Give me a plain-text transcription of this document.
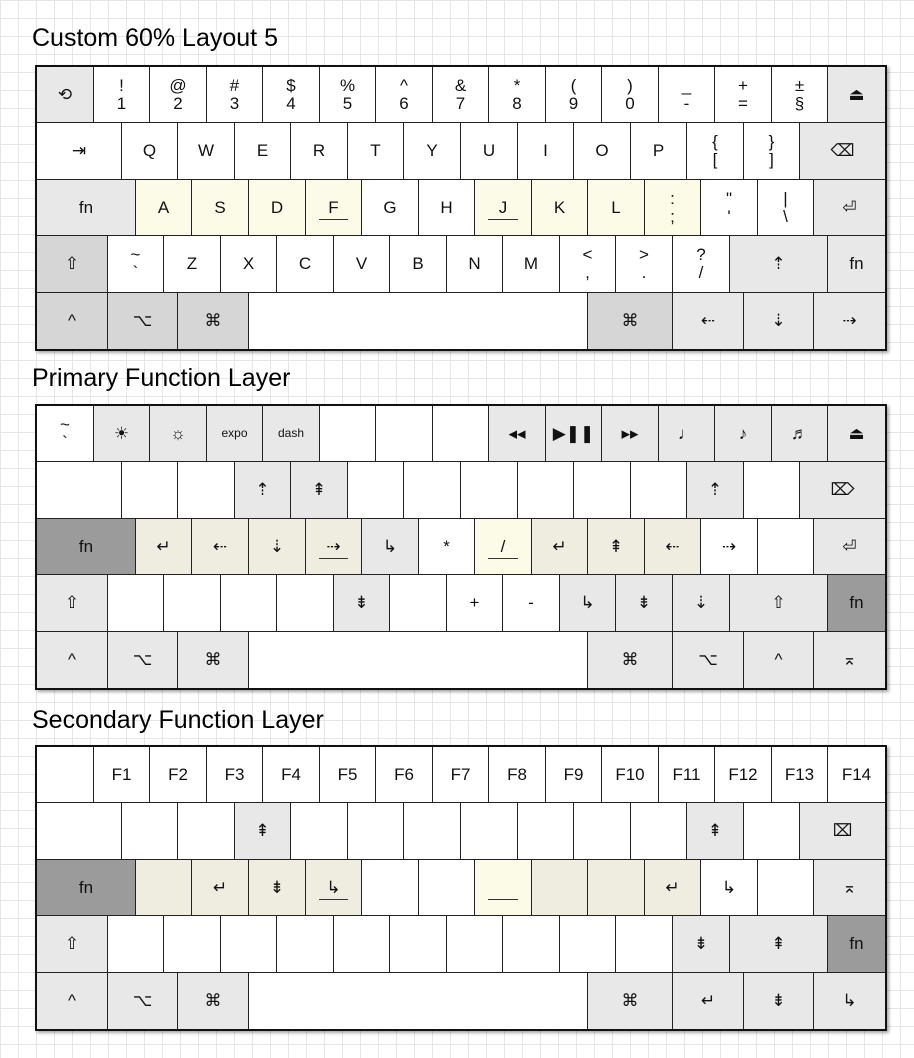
Custom 60% Layout 5
⟲	!
1
@
2
#
3
$
4
%
5
^
6
&
7
*
8
(
9
)
0
_
-
+
=
±
§	⏏
⇥	Q W	E	R	T	Y	U	I	O	P	{
[
}
]	⌫
fn	A	S	D	F	G	H	J	K	L	:
;
"
'
|
\	⏎
⇧	~
`	Z	X	C	V	B	N	M	<
,
>
.
?
/	⇡	fn
^	⌥	⌘	⌘	⇠	⇣	⇢
Primary Function Layer
~
`	☀ ☼	expo	dash	◂◂ ▶❚❚ ▸▸ ♩	♪	♬ ⏏
⇡ ⇞	⇡	⌦
fn	↵ ⇠	⇣ ⇢ ↳	*	/	↵ ⇞ ⇠ ⇢	⏎
⇧	⇟	+	-	↳ ⇟	⇣	⇧	fn
^	⌥	⌘	⌘	⌥	^	⌅
Secondary Function Layer
F1 F2 F3 F4 F5 F6 F7 F8 F9 F10 F11 F12 F13 F14
⇞	⇞	⌧
fn	↵	⇟ ↳	↵ ↳	⌅
⇧	⇟	⇞	fn
^	⌥	⌘	⌘	↵	⇟	↳
